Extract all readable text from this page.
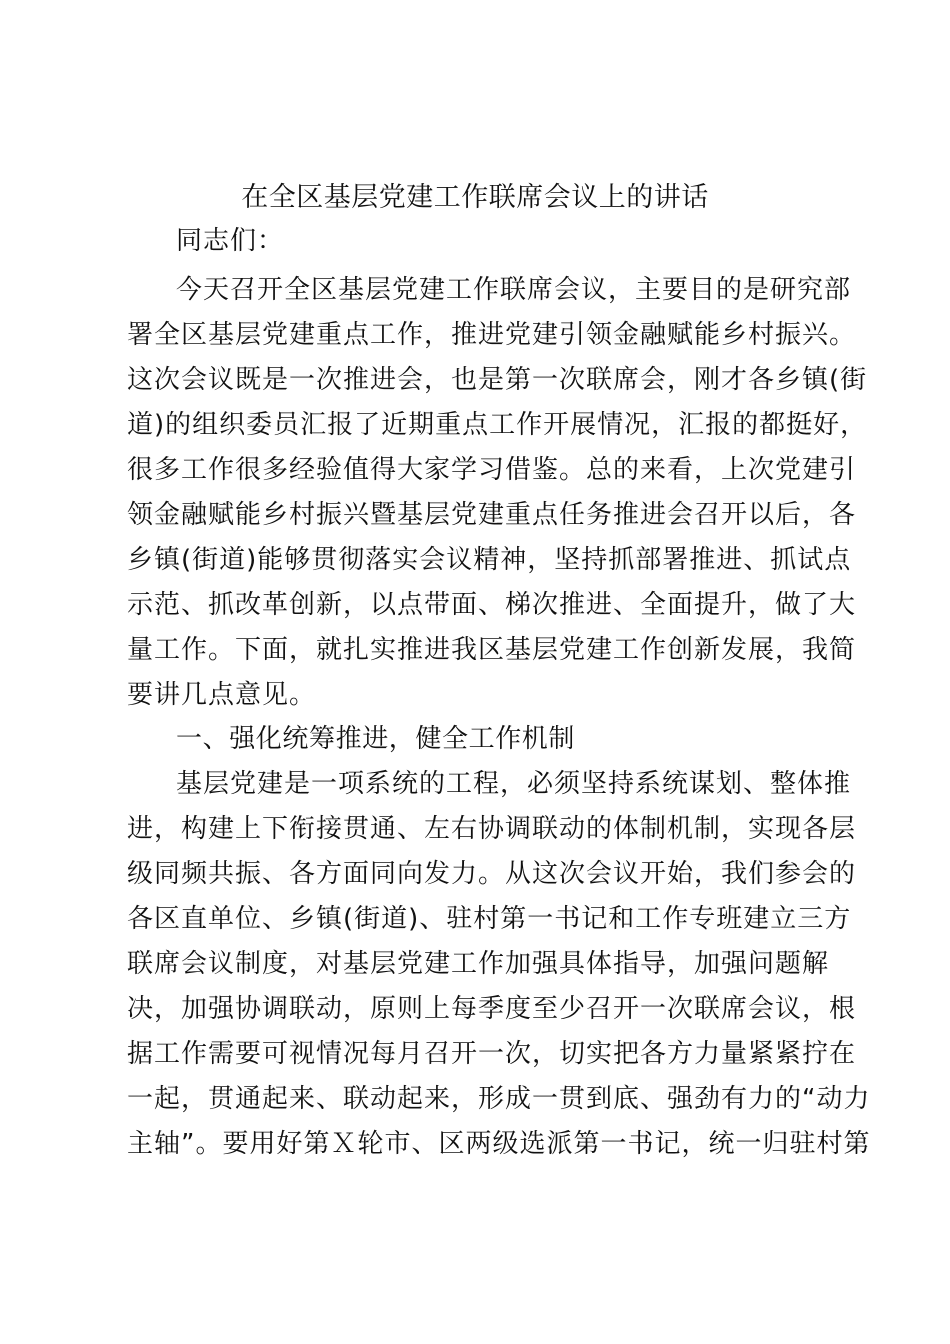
在全区基层党建工作联席会议上的讲话
同志们：
今天召开全区基层党建工作联席会议，主要目的是研究部
署全区基层党建重点工作，推进党建引领金融赋能乡村振兴。
这次会议既是一次推进会，也是第一次联席会，刚才各乡镇(街
道)的组织委员汇报了近期重点工作开展情况，汇报的都挺好，
很多工作很多经验值得大家学习借鉴。总的来看，上次党建引
领金融赋能乡村振兴暨基层党建重点任务推进会召开以后，各
乡镇(街道)能够贯彻落实会议精神，坚持抓部署推进、抓试点
示范、抓改革创新，以点带面、梯次推进、全面提升，做了大
量工作。下面，就扎实推进我区基层党建工作创新发展，我简
要讲几点意见。
一、强化统筹推进，健全工作机制
基层党建是一项系统的工程，必须坚持系统谋划、整体推
进，构建上下衔接贯通、左右协调联动的体制机制，实现各层
级同频共振、各方面同向发力。从这次会议开始，我们参会的
各区直单位、乡镇(街道)、驻村第一书记和工作专班建立三方
联席会议制度，对基层党建工作加强具体指导，加强问题解
决，加强协调联动，原则上每季度至少召开一次联席会议，根
据工作需要可视情况每月召开一次，切实把各方力量紧紧拧在
一起，贯通起来、联动起来，形成一贯到底、强劲有力的“动力
主轴”。要用好第Ｘ轮市、区两级选派第一书记，统一归驻村第
